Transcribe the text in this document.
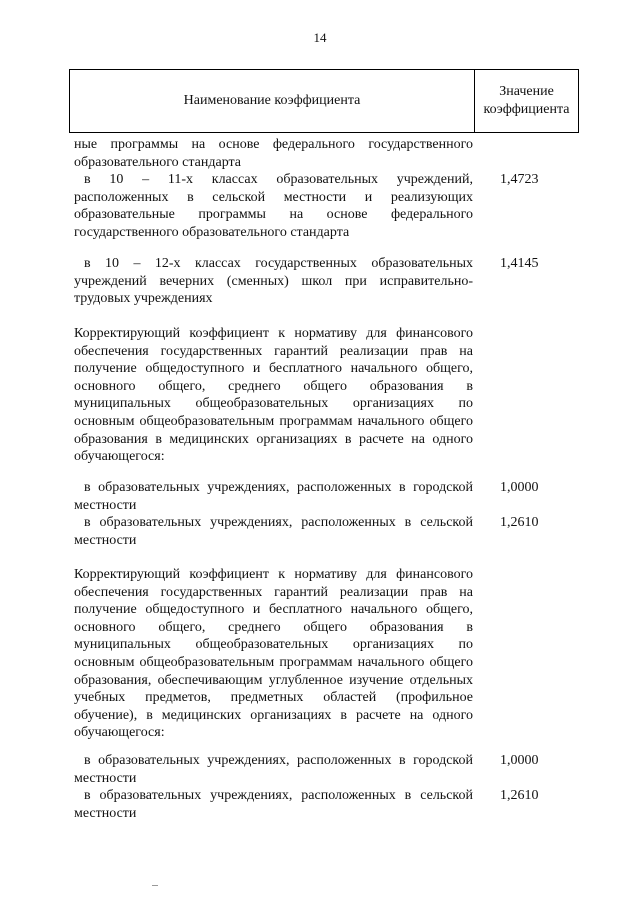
14
Наименование коэффициента
Значение коэффициента
ные программы на основе федерального государственного образовательного стандарта
в 10 – 11-х классах образовательных учреждений, расположенных в сельской местности и реализующих образовательные программы на основе федерального государственного образовательного стандарта
1,4723
в 10 – 12-х классах государственных образовательных учреждений вечерних (сменных) школ при исправительно-трудовых учреждениях
1,4145
Корректирующий коэффициент к нормативу для финансового обеспечения государственных гарантий реализации прав на получение общедоступного и бесплатного начального общего, основного общего, среднего общего образования в муниципальных общеобразовательных организациях по основным общеобразовательным программам начального общего образования в медицинских организациях в расчете на одного обучающегося:
в образовательных учреждениях, расположенных в городской местности
1,0000
в образовательных учреждениях, расположенных в сельской местности
1,2610
Корректирующий коэффициент к нормативу для финансового обеспечения государственных гарантий реализации прав на получение общедоступного и бесплатного начального общего, основного общего, среднего общего образования в муниципальных общеобразовательных организациях по основным общеобразовательным программам начального общего образования, обеспечивающим углубленное изучение отдельных учебных предметов, предметных областей (профильное обучение), в медицинских организациях в расчете на одного обучающегося:
в образовательных учреждениях, расположенных в городской местности
1,0000
в образовательных учреждениях, расположенных в сельской местности
1,2610
